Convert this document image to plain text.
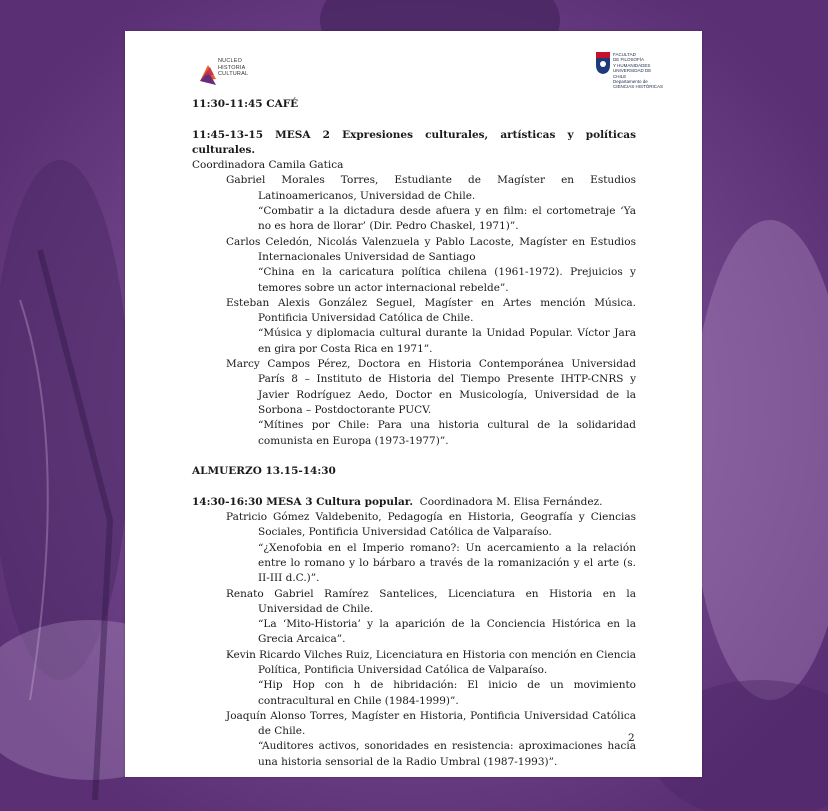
NUCLEO
HISTORIA
CULTURAL
FACULTAD
DE FILOSOFÍA
Y HUMANIDADES
UNIVERSIDAD DE CHILE
Departamento de
CIENCIAS HISTÓRICAS

11:30-11:45 CAFÉ

11:45-13-15 MESA 2 Expresiones culturales, artísticas y políticas culturales.

Coordinadora Camila Gatica

Gabriel Morales Torres, Estudiante de Magíster en Estudios Latinoamericanos, Universidad de Chile.

“Combatir a la dictadura desde afuera y en film: el cortometraje ‘Ya no es hora de llorar’ (Dir. Pedro Chaskel, 1971)”.

Carlos Celedón, Nicolás Valenzuela y Pablo Lacoste, Magíster en Estudios Internacionales Universidad de Santiago

“China en la caricatura política chilena (1961-1972). Prejuicios y temores sobre un actor internacional rebelde”.

Esteban Alexis González Seguel, Magíster en Artes mención Música. Pontificia Universidad Católica de Chile.

“Música y diplomacia cultural durante la Unidad Popular. Víctor Jara en gira por Costa Rica en 1971”.

Marcy Campos Pérez, Doctora en Historia Contemporánea Universidad París 8 – Instituto de Historia del Tiempo Presente IHTP-CNRS y Javier Rodríguez Aedo, Doctor en Musicología, Universidad de la Sorbona – Postdoctorante PUCV.

“Mítines por Chile: Para una historia cultural de la solidaridad comunista en Europa (1973-1977)”.

ALMUERZO 13.15-14:30

14:30-16:30 MESA 3 Cultura popular. Coordinadora M. Elisa Fernández.

Patricio Gómez Valdebenito, Pedagogía en Historia, Geografía y Ciencias Sociales, Pontificia Universidad Católica de Valparaíso.

“¿Xenofobia en el Imperio romano?: Un acercamiento a la relación entre lo romano y lo bárbaro a través de la romanización y el arte (s. II-III d.C.)”.

Renato Gabriel Ramírez Santelices, Licenciatura en Historia en la Universidad de Chile.

“La ‘Mito-Historia’ y la aparición de la Conciencia Histórica en la Grecia Arcaica”.

Kevin Ricardo Vilches Ruiz, Licenciatura en Historia con mención en Ciencia Política, Pontificia Universidad Católica de Valparaíso.

“Hip Hop con h de hibridación: El inicio de un movimiento contracultural en Chile (1984-1999)”.

Joaquín Alonso Torres, Magíster en Historia, Pontificia Universidad Católica de Chile.

“Auditores activos, sonoridades en resistencia: aproximaciones hacia una historia sensorial de la Radio Umbral (1987-1993)”.

2
